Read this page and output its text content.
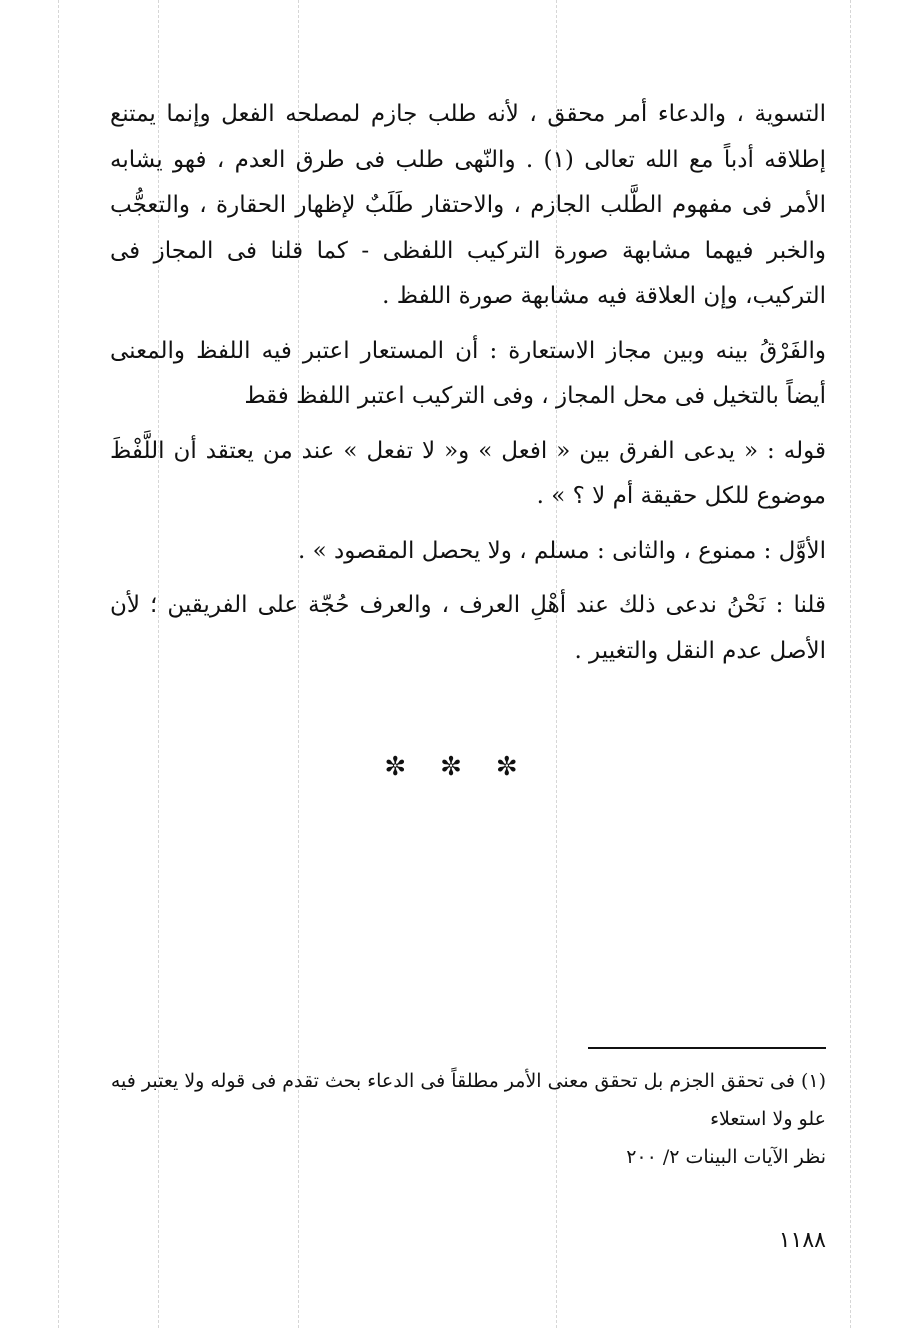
التسوية ، والدعاء أمر محقق ، لأنه طلب جازم لمصلحه الفعل وإنما يمتنع إطلاقه أدباً مع الله تعالى (١) . والنّهى طلب فى طرق العدم ، فهو يشابه الأمر فى مفهوم الطَّلب الجازم ، والاحتقار طَلَبٌ لإظهار الحقارة ، والتعجُّب والخبر فيهما مشابهة صورة التركيب اللفظى - كما قلنا فى المجاز فى التركيب، وإن العلاقة فيه مشابهة صورة اللفظ .

والفَرْقُ بينه وبين مجاز الاستعارة : أن المستعار اعتبر فيه اللفظ والمعنى أيضاً بالتخيل فى محل المجاز ، وفى التركيب اعتبر اللفظ فقط

قوله : « يدعى الفرق بين « افعل » و« لا تفعل » عند من يعتقد أن اللَّفْظَ موضوع للكل حقيقة أم لا ؟ » .

الأوَّل : ممنوع ، والثانى : مسلم ، ولا يحصل المقصود » .

قلنا : نَحْنُ ندعى ذلك عند أهْلِ العرف ، والعرف حُجّة على الفريقين ؛ لأن الأصل عدم النقل والتغيير .

✼✼✼

(١) فى تحقق الجزم بل تحقق معنى الأمر مطلقاً فى الدعاء بحث تقدم فى قوله ولا يعتبر فيه علو ولا استعلاء

نظر الآيات البينات ٢/ ٢٠٠

١١٨٨
